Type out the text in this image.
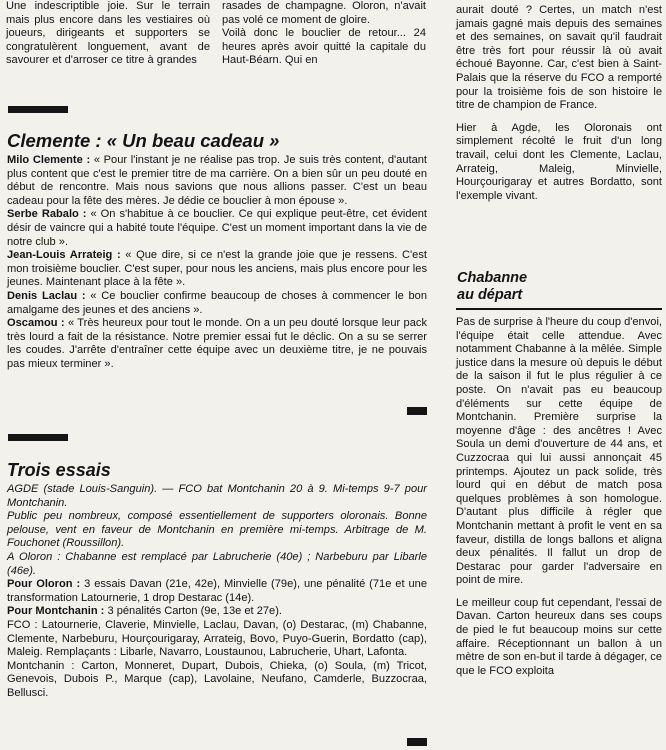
Une indescriptible joie. Sur le terrain mais plus encore dans les vestiaires où joueurs, dirigeants et supporters se congratulèrent longuement, avant de savourer et d'arroser ce titre à grandes

rasades de champagne. Oloron, n'avait pas volé ce moment de gloire.

Voilà donc le bouclier de retour... 24 heures après avoir quitté la capitale du Haut-Béarn. Qui en

Clemente : « Un beau cadeau »

Milo Clemente : « Pour l'instant je ne réalise pas trop. Je suis très content, d'autant plus content que c'est le premier titre de ma carrière. On a bien sûr un peu douté en début de rencontre. Mais nous savions que nous allions passer. C'est un beau cadeau pour la fête des mères. Je dédie ce bouclier à mon épouse ».

Serbe Rabalo : « On s'habitue à ce bouclier. Ce qui explique peut-être, cet évident désir de vaincre qui a habité toute l'équipe. C'est un moment important dans la vie de notre club ».

Jean-Louis Arrateig : « Que dire, si ce n'est la grande joie que je ressens. C'est mon troisième bouclier. C'est super, pour nous les anciens, mais plus encore pour les jeunes. Maintenant place à la fête ».

Denis Laclau : « Ce bouclier confirme beaucoup de choses à commencer le bon amalgame des jeunes et des anciens ».

Oscamou : « Très heureux pour tout le monde. On a un peu douté lorsque leur pack très lourd a fait de la résistance. Notre premier essai fut le déclic. On a su se serrer les coudes. J'arrête d'entraîner cette équipe avec un deuxième titre, je ne pouvais pas mieux terminer ».

Trois essais

AGDE (stade Louis-Sanguin). — FCO bat Montchanin 20 à 9. Mi-temps 9-7 pour Montchanin.

Public peu nombreux, composé essentiellement de supporters oloronais. Bonne pelouse, vent en faveur de Montchanin en première mi-temps. Arbitrage de M. Fouchonet (Roussillon).

A Oloron : Chabanne est remplacé par Labrucherie (40e) ; Narbeburu par Libarle (46e).

Pour Oloron : 3 essais Davan (21e, 42e), Minvielle (79e), une pénalité (71e et une transformation Latournerie, 1 drop Destarac (14e).

Pour Montchanin : 3 pénalités Carton (9e, 13e et 27e).

FCO : Latournerie, Claverie, Minvielle, Laclau, Davan, (o) Destarac, (m) Chabanne, Clemente, Narbeburu, Hourçourigaray, Arrateig, Bovo, Puyo-Guerin, Bordatto (cap), Maleig. Remplaçants : Libarle, Navarro, Loustaunou, Labrucherie, Uhart, Lafonta.

Montchanin : Carton, Monneret, Dupart, Dubois, Chieka, (o) Soula, (m) Tricot, Genevois, Dubois P., Marque (cap), Lavolaine, Neufano, Camderle, Buzzocraa, Bellusci.

aurait douté ? Certes, un match n'est jamais gagné mais depuis des semaines et des semaines, on savait qu'il faudrait être très fort pour réussir là où avait échoué Bayonne. Car, c'est bien à Saint-Palais que la réserve du FCO a remporté pour la troisième fois de son histoire le titre de champion de France.

Hier à Agde, les Oloronais ont simplement récolté le fruit d'un long travail, celui dont les Clemente, Laclau, Arrateig, Maleig, Minvielle, Hourçourigaray et autres Bordatto, sont l'exemple vivant.

Chabanne
au départ

Pas de surprise à l'heure du coup d'envoi, l'équipe était celle attendue. Avec notamment Chabanne à la mêlée. Simple justice dans la mesure où depuis le début de la saison il fut le plus régulier à ce poste. On n'avait pas eu beaucoup d'éléments sur cette équipe de Montchanin. Première surprise la moyenne d'âge : des ancêtres ! Avec Soula un demi d'ouverture de 44 ans, et Cuzzocraa qui lui aussi annonçait 45 printemps. Ajoutez un pack solide, très lourd qui en début de match posa quelques problèmes à son homologue. D'autant plus difficile à régler que Montchanin mettant à profit le vent en sa faveur, distilla de longs ballons et aligna deux pénalités. Il fallut un drop de Destarac pour garder l'adversaire en point de mire.

Le meilleur coup fut cependant, l'essai de Davan. Carton heureux dans ses coups de pied le fut beaucoup moins sur cette affaire. Réceptionnant un ballon à un mètre de son en-but il tarde à dégager, ce que le FCO exploita
